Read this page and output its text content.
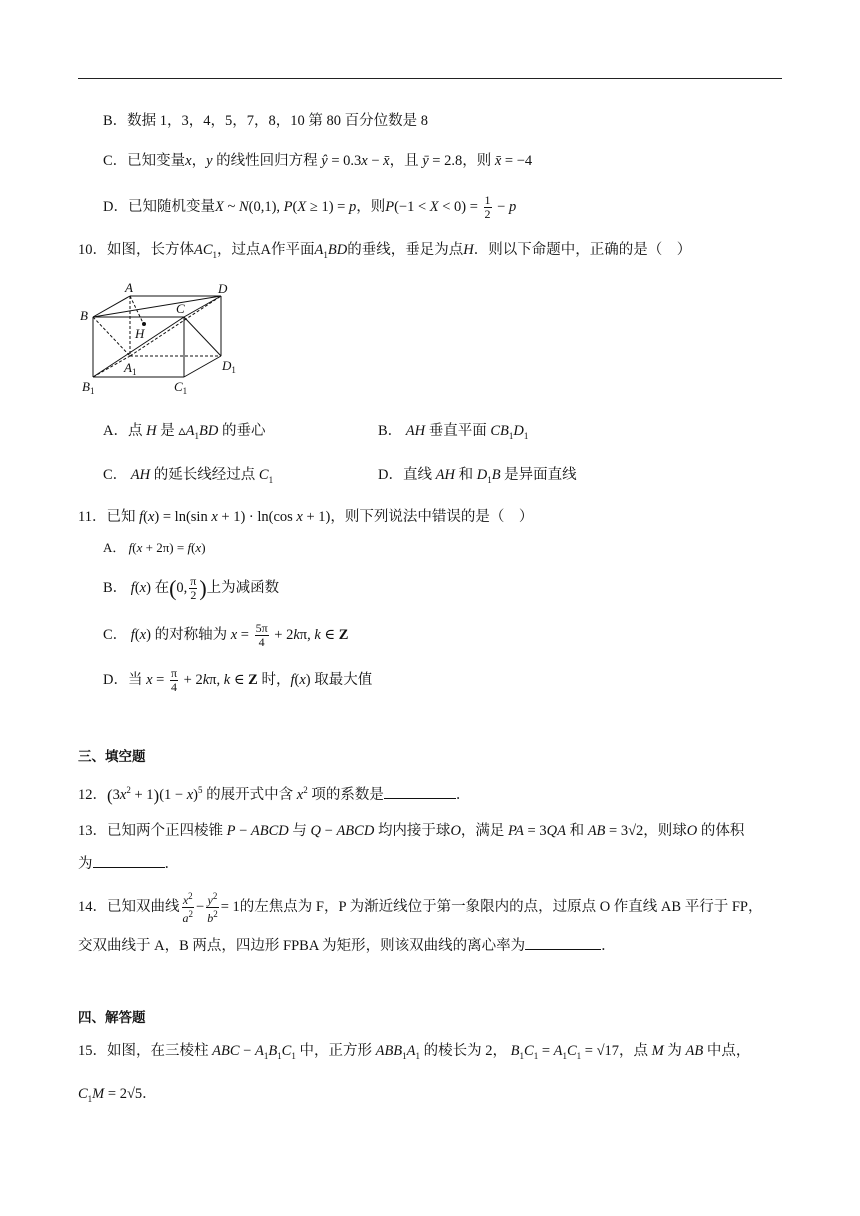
B．数据 1，3，4，5，7，8，10 第 80 百分位数是 8
C．已知变量x，y 的线性回归方程 ŷ = 0.3x − x̄，且 ȳ = 2.8，则 x̄ = −4
D．已知随机变量X ~ N(0,1), P(X ≥ 1) = p，则$P(-1 < X < 0) = \frac{1}{2} - p$
10．如图，长方体$AC_1$，过点A作平面$A_1BD$的垂线，垂足为点H．则以下命题中，正确的是（　）
A	D
B	C
H
$A_1$	$D_1$
$B_1$	$C_1$
A．点 H 是 $▵A_1BD$ 的垂心	B． AH 垂直平面 $CB_1D_1$
C． AH 的延长线经过点 $C_1$	D．直线 AH 和 $D_1B$ 是异面直线
11．已知 f(x) = ln(sin x + 1) · ln(cos x + 1)，则下列说法中错误的是（　）
A． f(x + 2π) = f(x)
B． f(x) 在(0, $\frac{\pi}{2}$ )上为减函数
C． f(x) 的对称轴为 $x = \frac{5\pi}{4} + 2k\pi$, k ∈ Z
D．当 $x = \frac{\pi}{4} + 2k\pi$, k ∈ Z 时，f(x) 取最大值
三、填空题
12．$(3x^2 + 1)(1 - x)^5$ 的展开式中含 $x^2$ 项的系数是	．
13．已知两个正四棱锥 P − ABCD 与 Q − ABCD 均内接于球O，满足 PA = 3QA 和 AB = 3√2，则球O 的体积
为	．
14．已知双曲线 $\frac{x^2}{a^2} - \frac{y^2}{b^2} = 1$的左焦点为 F，P 为渐近线位于第一象限内的点，过原点 O 作直线 AB 平行于 FP，
交双曲线于 A，B 两点，四边形 FPBA 为矩形，则该双曲线的离心率为	．
四、解答题
15．如图，在三棱柱 ABC − $A_1B_1C_1$ 中，正方形 $ABB_1A_1$ 的棱长为 2， $B_1C_1 = A_1C_1 = √17$，点 M 为 AB 中点，
$C_1M = 2√5$．
